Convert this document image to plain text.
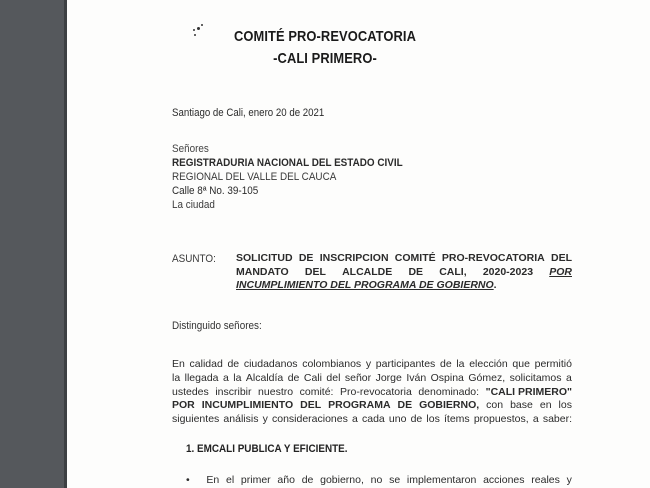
COMITÉ PRO-REVOCATORIA
-CALI PRIMERO-
Santiago de Cali, enero 20 de 2021
Señores
REGISTRADURIA NACIONAL DEL ESTADO CIVIL
REGIONAL DEL VALLE DEL CAUCA
Calle 8ª No. 39-105
La ciudad
ASUNTO: SOLICITUD DE INSCRIPCION COMITÉ PRO-REVOCATORIA DEL
MANDATO DEL ALCALDE DE CALI, 2020-2023 POR
INCUMPLIMIENTO DEL PROGRAMA DE GOBIERNO.
Distinguido señores:
En calidad de ciudadanos colombianos y participantes de la elección que permitió
la llegada a la Alcaldía de Cali del señor Jorge Iván Ospina Gómez, solicitamos a
ustedes inscribir nuestro comité: Pro-revocatoria denominado: "CALI PRIMERO"
POR INCUMPLIMIENTO DEL PROGRAMA DE GOBIERNO, con base en los
siguientes análisis y consideraciones a cada uno de los ítems propuestos, a saber:
1. EMCALI PUBLICA Y EFICIENTE.
• En el primer año de gobierno, no se implementaron acciones reales y
